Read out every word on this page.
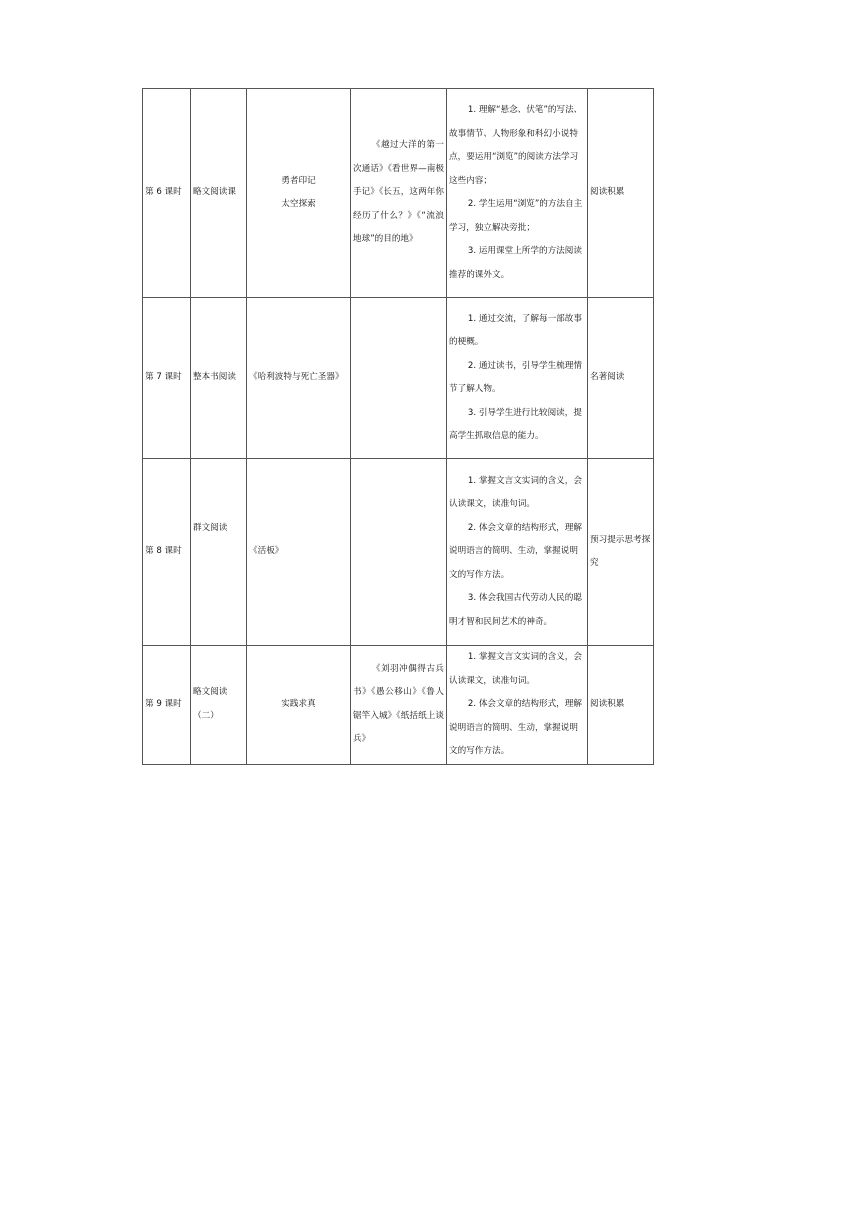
第 6 课时	略文阅读课	勇者印记
太空探索	《越过大洋的第一次通话》《看世界—南极手记》《长五，这两年你经历了什么？》《“流浪地球”的目的地》	1. 理解“悬念、伏笔”的写法、故事情节、人物形象和科幻小说特点，要运用“浏览”的阅读方法学习这些内容；
2. 学生运用“浏览”的方法自主学习，独立解决旁批；
3. 运用课堂上所学的方法阅读推荐的课外文。	阅读积累
第 7 课时	整本书阅读	《哈利波特与死亡圣器》		1. 通过交流，了解每一部故事的梗概。
2. 通过读书，引导学生梳理情节了解人物。
3. 引导学生进行比较阅读，提高学生抓取信息的能力。	名著阅读
第 8 课时	群文阅读	《活板》		1. 掌握文言文实词的含义，会认读课文，读准句词。
2. 体会文章的结构形式，理解说明语言的简明、生动，掌握说明文的写作方法。
3. 体会我国古代劳动人民的聪明才智和民间艺术的神奇。	预习提示思考探究
第 9 课时	略文阅读（二）	实践求真	《刘羽冲偶得古兵书》《愚公移山》《鲁人锯竿入城》《纸括纸上谈兵》	1. 掌握文言文实词的含义，会认读课文，读准句词。
2. 体会文章的结构形式，理解说明语言的简明、生动，掌握说明文的写作方法。	阅读积累
